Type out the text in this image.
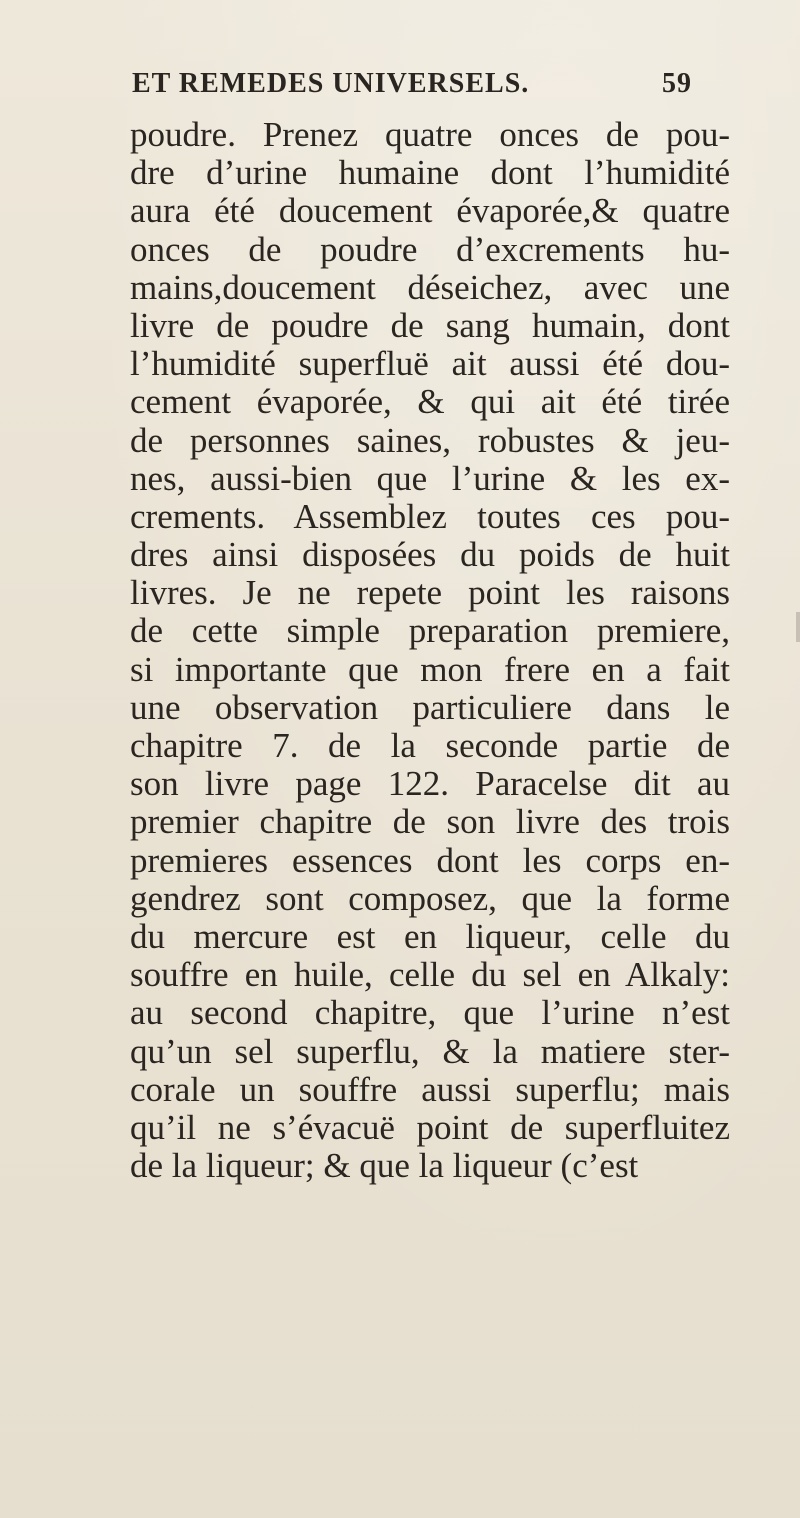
ET REMEDES UNIVERSELS.	59
poudre. Prenez quatre onces de pou-
dre d’urine humaine dont l’humidité
aura été doucement évaporée,& quatre
onces de poudre d’excrements hu-
mains,doucement déseichez, avec une
livre de poudre de sang humain, dont
l’humidité superfluë ait aussi été dou-
cement évaporée, & qui ait été tirée
de personnes saines, robustes & jeu-
nes, aussi-bien que l’urine & les ex-
crements. Assemblez toutes ces pou-
dres ainsi disposées du poids de huit
livres. Je ne repete point les raisons
de cette simple preparation premiere,
si importante que mon frere en a fait
une observation particuliere dans le
chapitre 7. de la seconde partie de
son livre page 122. Paracelse dit au
premier chapitre de son livre des trois
premieres essences dont les corps en-
gendrez sont composez, que la forme
du mercure est en liqueur, celle du
souffre en huile, celle du sel en Alkaly:
au second chapitre, que l’urine n’est
qu’un sel superflu, & la matiere ster-
corale un souffre aussi superflu; mais
qu’il ne s’évacuë point de superfluitez
de la liqueur; & que la liqueur (c’est
